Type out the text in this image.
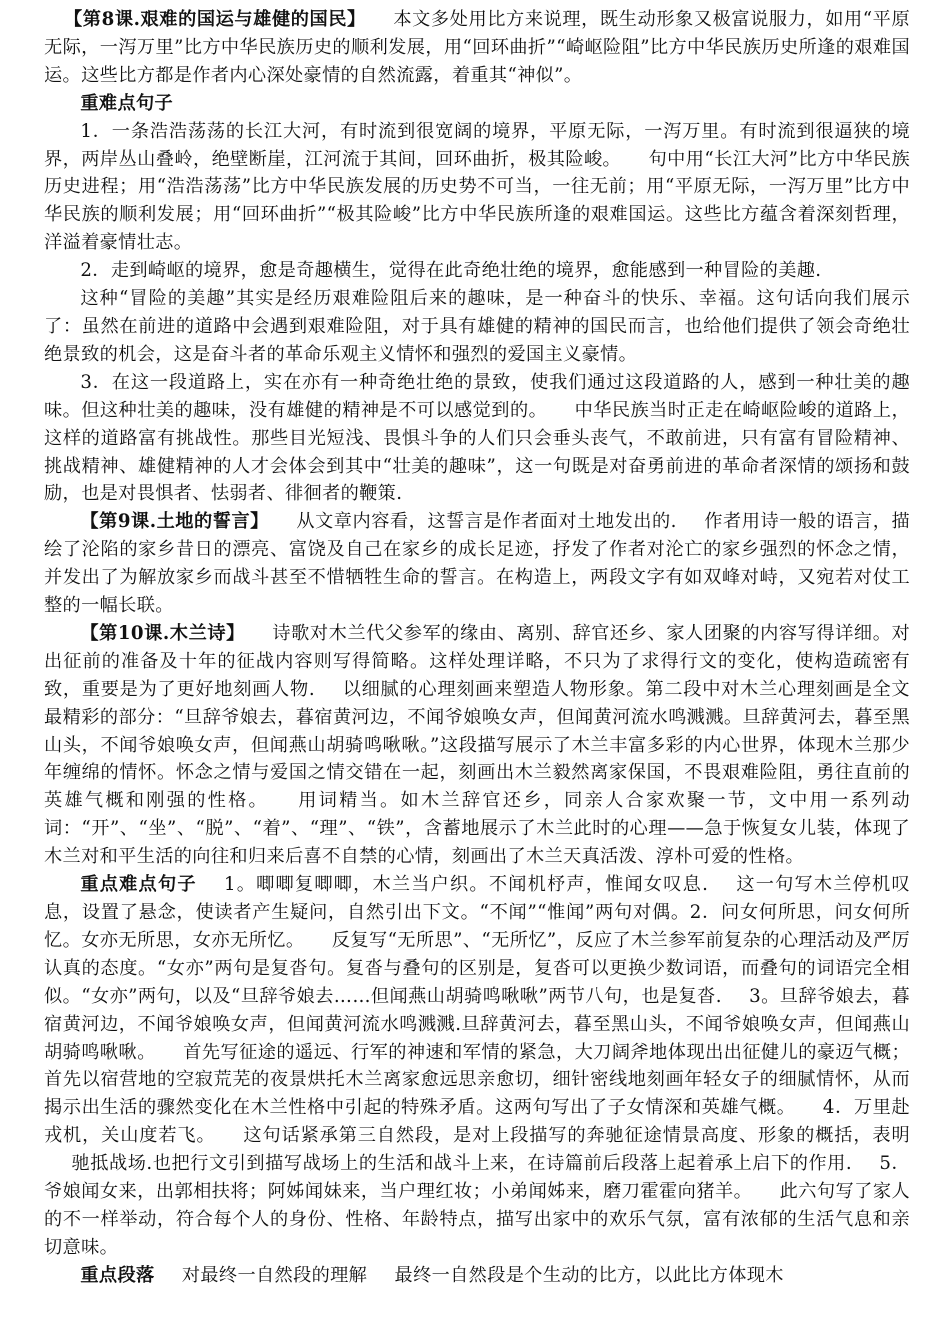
【第8课.艰难的国运与雄健的国民】 本文多处用比方来说理，既生动形象又极富说服力，如用“平原无际，一泻万里”比方中华民族历史的顺利发展，用“回环曲折”“崎岖险阻”比方中华民族历史所逢的艰难国运。这些比方都是作者内心深处豪情的自然流露，着重其“神似”。

重难点句子

1．一条浩浩荡荡的长江大河，有时流到很宽阔的境界，平原无际，一泻万里。有时流到很逼狭的境界，两岸丛山叠岭，绝壁断崖，江河流于其间，回环曲折，极其险峻。 句中用“长江大河”比方中华民族历史进程；用“浩浩荡荡”比方中华民族发展的历史势不可当，一往无前；用“平原无际，一泻万里”比方中华民族的顺利发展；用“回环曲折”“极其险峻”比方中华民族所逢的艰难国运。这些比方蕴含着深刻哲理，洋溢着豪情壮志。

2．走到崎岖的境界，愈是奇趣横生，觉得在此奇绝壮绝的境界，愈能感到一种冒险的美趣.

这种“冒险的美趣”其实是经历艰难险阻后来的趣味，是一种奋斗的快乐、幸福。这句话向我们展示了：虽然在前进的道路中会遇到艰难险阻，对于具有雄健的精神的国民而言，也给他们提供了领会奇绝壮绝景致的机会，这是奋斗者的革命乐观主义情怀和强烈的爱国主义豪情。

3．在这一段道路上，实在亦有一种奇绝壮绝的景致，使我们通过这段道路的人，感到一种壮美的趣味。但这种壮美的趣味，没有雄健的精神是不可以感觉到的。 中华民族当时正走在崎岖险峻的道路上，这样的道路富有挑战性。那些目光短浅、畏惧斗争的人们只会垂头丧气，不敢前进，只有富有冒险精神、挑战精神、雄健精神的人才会体会到其中“壮美的趣味”，这一句既是对奋勇前进的革命者深情的颂扬和鼓励，也是对畏惧者、怯弱者、徘徊者的鞭策.

【第9课.土地的誓言】 从文章内容看，这誓言是作者面对土地发出的. 作者用诗一般的语言，描绘了沦陷的家乡昔日的漂亮、富饶及自己在家乡的成长足迹，抒发了作者对沦亡的家乡强烈的怀念之情，并发出了为解放家乡而战斗甚至不惜牺牲生命的誓言。在构造上，两段文字有如双峰对峙，又宛若对仗工整的一幅长联。

【第10课.木兰诗】 诗歌对木兰代父参军的缘由、离别、辞官还乡、家人团聚的内容写得详细。对出征前的准备及十年的征战内容则写得简略。这样处理详略，不只为了求得行文的变化，使构造疏密有致，重要是为了更好地刻画人物. 以细腻的心理刻画来塑造人物形象。第二段中对木兰心理刻画是全文最精彩的部分：“旦辞爷娘去，暮宿黄河边，不闻爷娘唤女声，但闻黄河流水鸣溅溅。旦辞黄河去，暮至黑山头，不闻爷娘唤女声，但闻燕山胡骑鸣啾啾。”这段描写展示了木兰丰富多彩的内心世界，体现木兰那少年缠绵的情怀。怀念之情与爱国之情交错在一起，刻画出木兰毅然离家保国，不畏艰难险阻，勇往直前的英雄气概和刚强的性格。 用词精当。如木兰辞官还乡，同亲人合家欢聚一节，文中用一系列动词：“开”、“坐”、“脱”、“着”、“理”、“铁”，含蓄地展示了木兰此时的心理——急于恢复女儿装，体现了木兰对和平生活的向往和归来后喜不自禁的心情，刻画出了木兰天真活泼、淳朴可爱的性格。

重点难点句子 1。唧唧复唧唧，木兰当户织。不闻机杼声，惟闻女叹息. 这一句写木兰停机叹息，设置了悬念，使读者产生疑问，自然引出下文。“不闻”“惟闻”两句对偶。2．问女何所思，问女何所忆。女亦无所思，女亦无所忆。 反复写“无所思”、“无所忆”，反应了木兰参军前复杂的心理活动及严厉认真的态度。“女亦”两句是复沓句。复沓与叠句的区别是，复沓可以更换少数词语，而叠句的词语完全相似。“女亦”两句，以及“旦辞爷娘去……但闻燕山胡骑鸣啾啾”两节八句，也是复沓. 3。旦辞爷娘去，暮宿黄河边，不闻爷娘唤女声，但闻黄河流水鸣溅溅.旦辞黄河去，暮至黑山头，不闻爷娘唤女声，但闻燕山胡骑鸣啾啾。 首先写征途的遥远、行军的神速和军情的紧急，大刀阔斧地体现出出征健儿的豪迈气概；首先以宿营地的空寂荒芜的夜景烘托木兰离家愈远思亲愈切，细针密线地刻画年轻女子的细腻情怀，从而揭示出生活的骤然变化在木兰性格中引起的特殊矛盾。这两句写出了子女情深和英雄气概。 4．万里赴戎机，关山度若飞。 这句话紧承第三自然段，是对上段描写的奔驰征途情景高度、形象的概括，表明驰抵战场.也把行文引到描写战场上的生活和战斗上来，在诗篇前后段落上起着承上启下的作用. 5．爷娘闻女来，出郭相扶将；阿姊闻妹来，当户理红妆；小弟闻姊来，磨刀霍霍向猪羊。 此六句写了家人的不一样举动，符合每个人的身份、性格、年龄特点，描写出家中的欢乐气氛，富有浓郁的生活气息和亲切意味。

重点段落 对最终一自然段的理解 最终一自然段是个生动的比方，以此比方体现木
